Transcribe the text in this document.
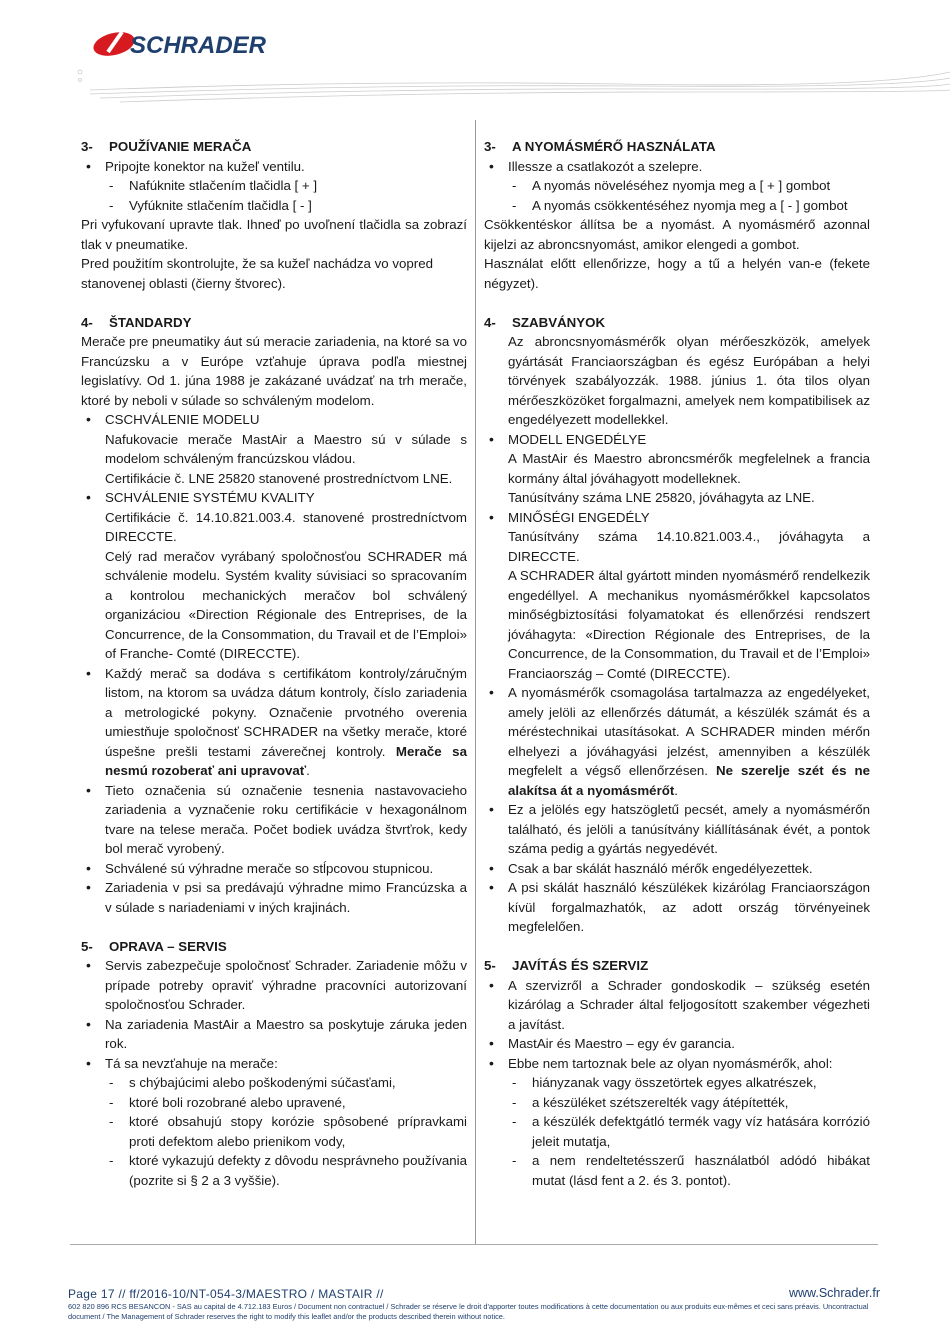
SCHRADER
3-	POUŽÍVANIE MERAČA

• Pripojte konektor na kužeľ ventilu.

- Nafúknite stlačením tlačidla [ + ]

- Vyfúknite stlačením tlačidla [ - ]

Pri vyfukovaní upravte tlak. Ihneď po uvoľnení tlačidla sa zobrazí tlak v pneumatike.

Pred použitím skontrolujte, že sa kužeľ nachádza vo vopred stanovenej oblasti (čierny štvorec).

4-	ŠTANDARDY

Merače pre pneumatiky áut sú meracie zariadenia, na ktoré sa vo Francúzsku a v Európe vzťahuje úprava podľa miestnej legislatívy. Od 1. júna 1988 je zakázané uvádzať na trh merače, ktoré by neboli v súlade so schváleným modelom.

• CSCHVÁLENIE MODELU

Nafukovacie merače MastAir a Maestro sú v súlade s modelom schváleným francúzskou vládou.

Certifikácie č. LNE 25820 stanovené prostredníctvom LNE.

• SCHVÁLENIE SYSTÉMU KVALITY

Certifikácie č. 14.10.821.003.4. stanovené prostredníctvom DIRECCTE.

Celý rad meračov vyrábaný spoločnosťou SCHRADER má schválenie modelu. Systém kvality súvisiaci so spracovaním a kontrolou mechanických meračov bol schválený organizáciou «Direction Régionale des Entreprises, de la Concurrence, de la Consommation, du Travail et de l’Emploi» of Franche- Comté (DIRECCTE).

• Každý merač sa dodáva s certifikátom kontroly/záručným listom, na ktorom sa uvádza dátum kontroly, číslo zariadenia a metrologické pokyny. Označenie prvotného overenia umiestňuje spoločnosť SCHRADER na všetky merače, ktoré úspešne prešli testami záverečnej kontroly. Merače sa nesmú rozoberať ani upravovať.

• Tieto označenia sú označenie tesnenia nastavovacieho zariadenia a vyznačenie roku certifikácie v hexagonálnom tvare na telese merača. Počet bodiek uvádza štvrťrok, kedy bol merač vyrobený.

• Schválené sú výhradne merače so stĺpcovou stupnicou.

• Zariadenia v psi sa predávajú výhradne mimo Francúzska a v súlade s nariadeniami v iných krajinách.

5-	OPRAVA – SERVIS

• Servis zabezpečuje spoločnosť Schrader. Zariadenie môžu v prípade potreby opraviť výhradne pracovníci autorizovaní spoločnosťou Schrader.

• Na zariadenia MastAir a Maestro sa poskytuje záruka jeden rok.

• Tá sa nevzťahuje na merače:

- s chýbajúcimi alebo poškodenými súčasťami,

- ktoré boli rozobrané alebo upravené,

- ktoré obsahujú stopy korózie spôsobené prípravkami proti defektom alebo prienikom vody,

- ktoré vykazujú defekty z dôvodu nesprávneho používania (pozrite si § 2 a 3 vyššie).

3-	A NYOMÁSMÉRŐ HASZNÁLATA

• Illessze a csatlakozót a szelepre.

- A nyomás növeléséhez nyomja meg a [ + ] gombot

- A nyomás csökkentéséhez nyomja meg a [ - ] gombot

Csökkentéskor állítsa be a nyomást. A nyomásmérő azonnal kijelzi az abroncsnyomást, amikor elengedi a gombot.

Használat előtt ellenőrizze, hogy a tű a helyén van-e (fekete négyzet).

4-	SZABVÁNYOK

Az abroncsnyomásmérők olyan mérőeszközök, amelyek gyártását Franciaországban és egész Európában a helyi törvények szabályozzák. 1988. június 1. óta tilos olyan mérőeszközöket forgalmazni, amelyek nem kompatibilisek az engedélyezett modellekkel.

• MODELL ENGEDÉLYE

A MastAir és Maestro abroncsmérők megfelelnek a francia kormány által jóváhagyott modelleknek.

Tanúsítvány száma LNE 25820, jóváhagyta az LNE.

• MINŐSÉGI ENGEDÉLY

Tanúsítvány száma 14.10.821.003.4., jóváhagyta a DIRECCTE.

A SCHRADER által gyártott minden nyomásmérő rendelkezik engedéllyel. A mechanikus nyomásmérőkkel kapcsolatos minőségbiztosítási folyamatokat és ellenőrzési rendszert jóváhagyta: «Direction Régionale des Entreprises, de la Concurrence, de la Consommation, du Travail et de l’Emploi» Franciaország – Comté (DIRECCTE).

• A nyomásmérők csomagolása tartalmazza az engedélyeket, amely jelöli az ellenőrzés dátumát, a készülék számát és a méréstechnikai utasításokat. A SCHRADER minden mérőn elhelyezi a jóváhagyási jelzést, amennyiben a készülék megfelelt a végső ellenőrzésen. Ne szerelje szét és ne alakítsa át a nyomásmérőt.

• Ez a jelölés egy hatszögletű pecsét, amely a nyomásmérőn található, és jelöli a tanúsítvány kiállításának évét, a pontok száma pedig a gyártás negyedévét.

• Csak a bar skálát használó mérők engedélyezettek.

• A psi skálát használó készülékek kizárólag Franciaországon kívül forgalmazhatók, az adott ország törvényeinek megfelelően.

5-	JAVÍTÁS ÉS SZERVIZ

• A szervizről a Schrader gondoskodik – szükség esetén kizárólag a Schrader által feljogosított szakember végezheti a javítást.

• MastAir és Maestro – egy év garancia.

• Ebbe nem tartoznak bele az olyan nyomásmérők, ahol:

- hiányzanak vagy összetörtek egyes alkatrészek,

- a készüléket szétszerelték vagy átépítették,

- a készülék defektgátló termék vagy víz hatására korrózió jeleit mutatja,

- a nem rendeltetésszerű használatból adódó hibákat mutat (lásd fent a 2. és 3. pontot).

Page 17 // ff/2016-10/NT-054-3/MAESTRO / MASTAIR //	www.Schrader.fr
602 820 896 RCS BESANCON - SAS au capital de 4.712.183 Euros / Document non contractuel / Schrader se réserve le droit d'apporter toutes modifications à cette documentation ou aux produits eux-mêmes et ceci sans préavis. Uncontractual document / The Management of Schrader reserves the right to modify this leaflet and/or the products described therein without notice.
